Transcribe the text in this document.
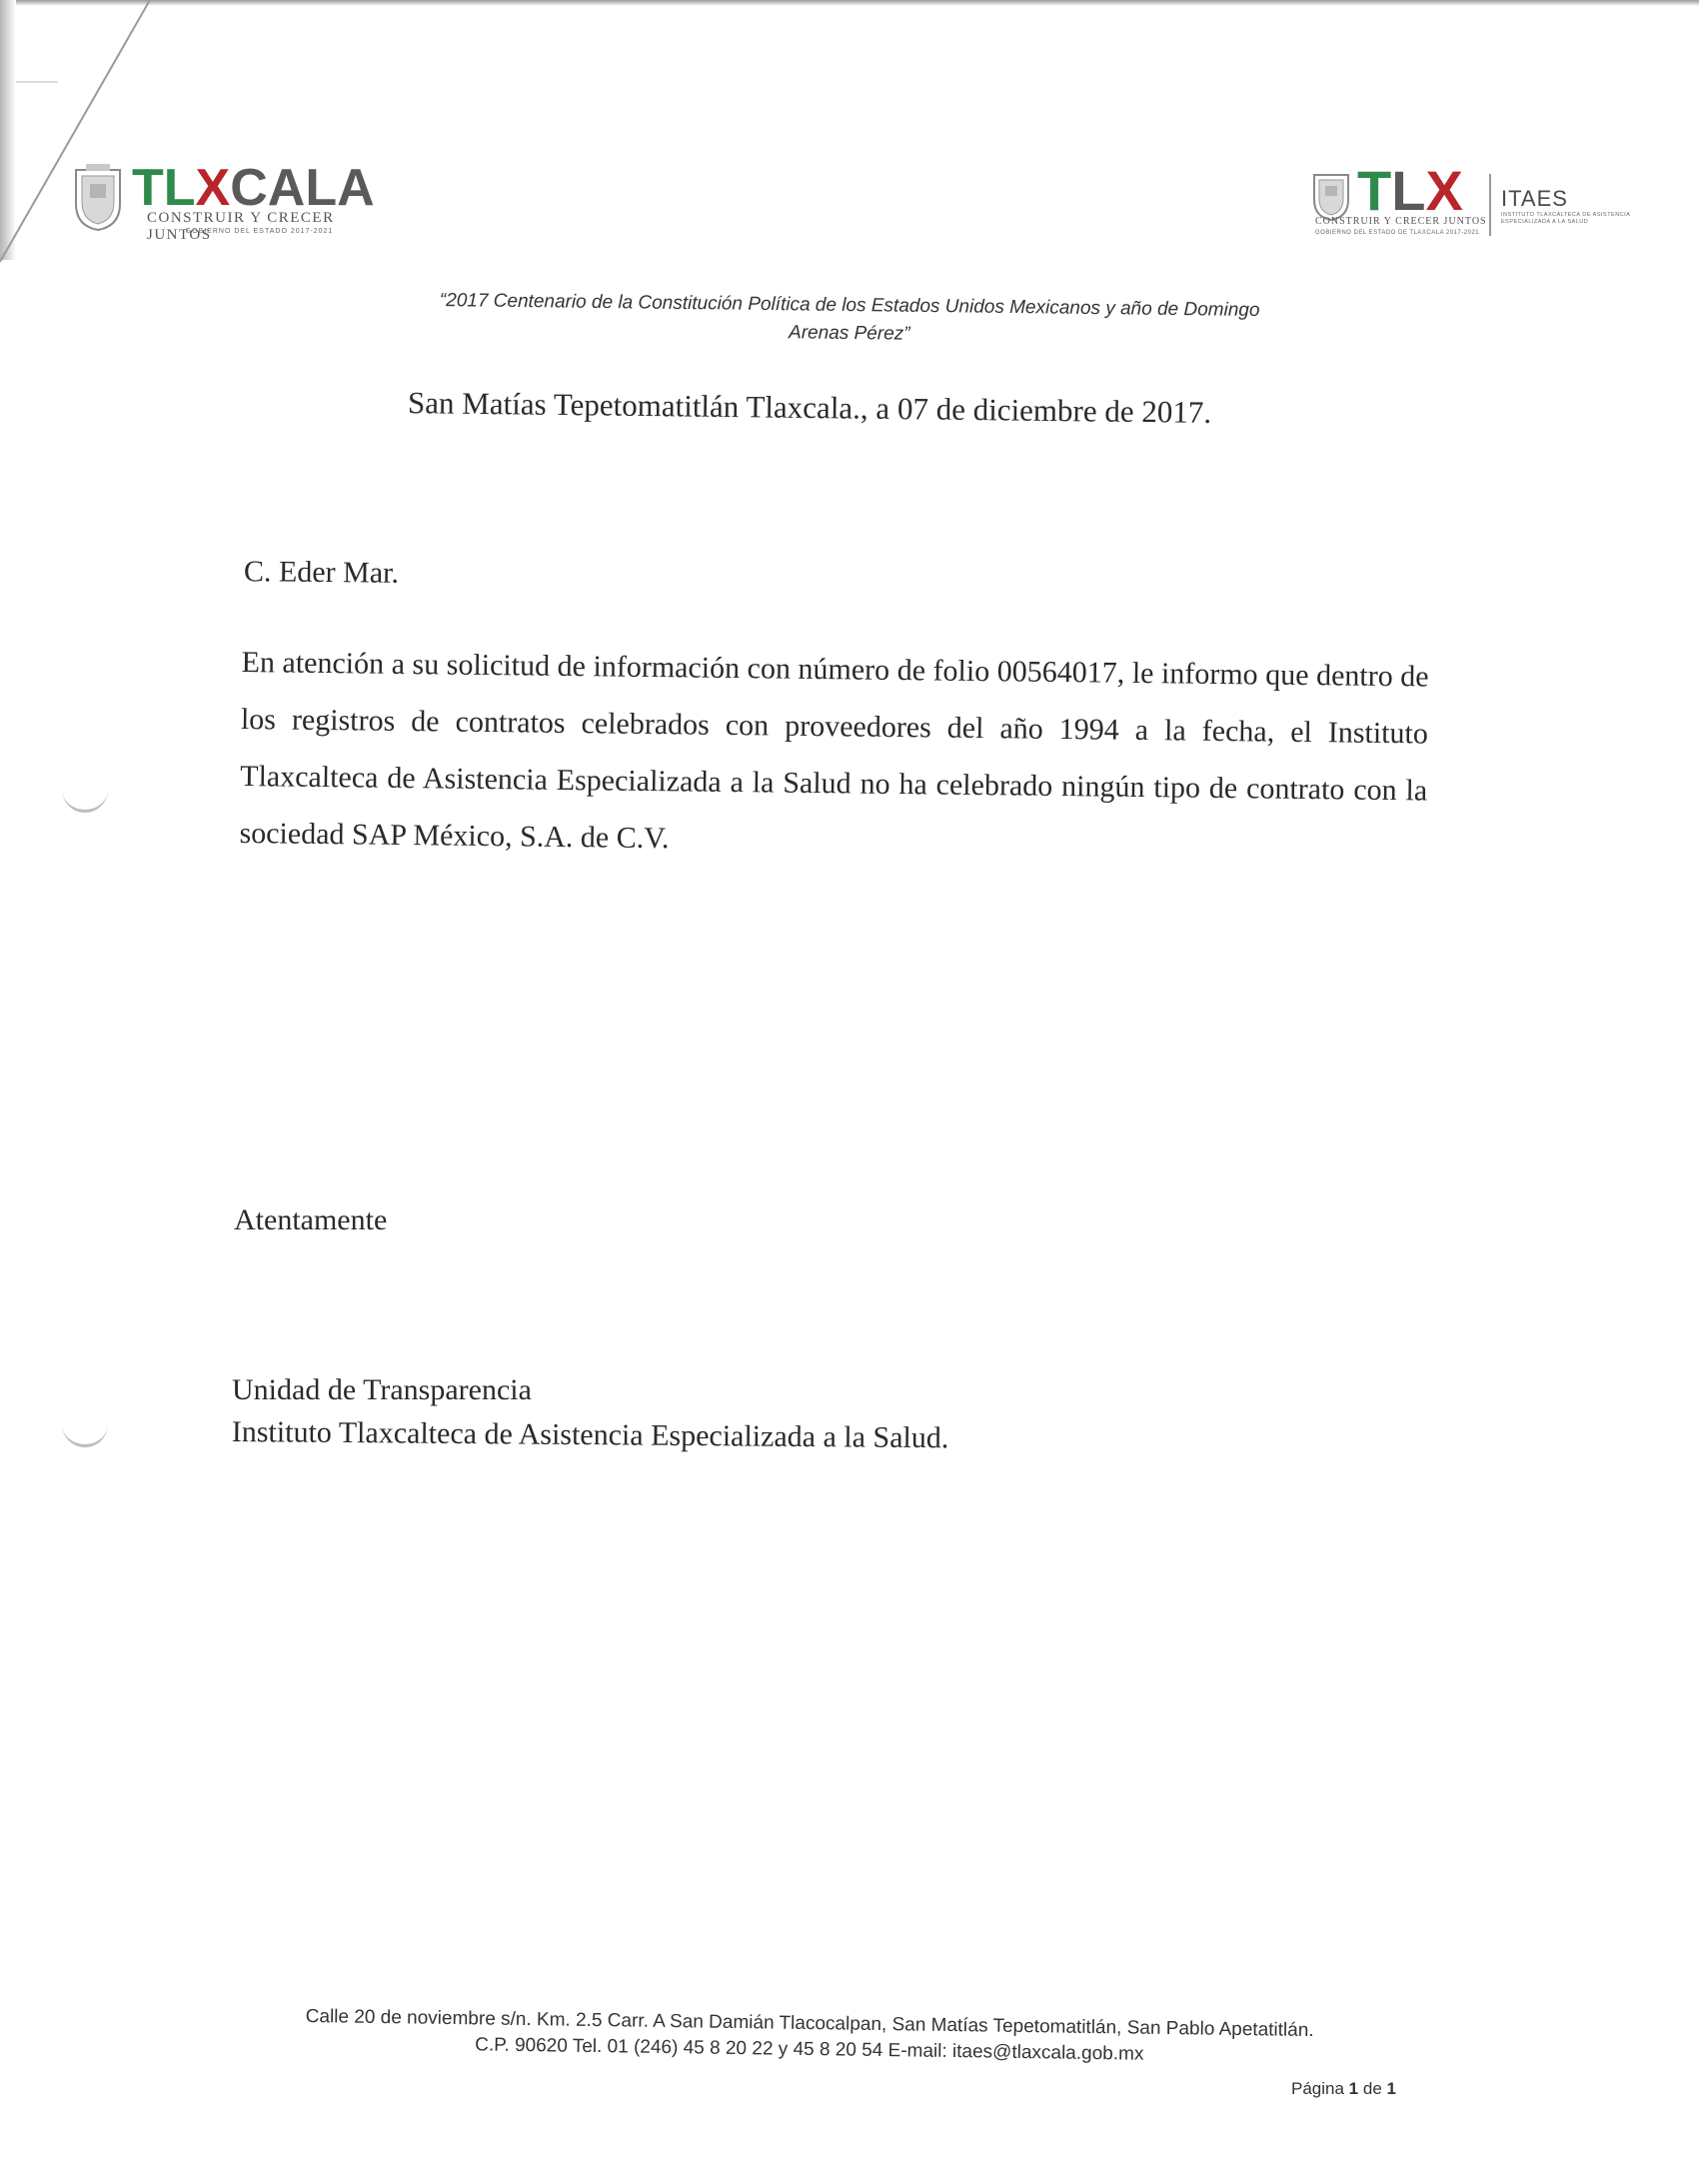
TLXCALA
CONSTRUIR Y CRECER JUNTOS
GOBIERNO DEL ESTADO 2017-2021
TLX
CONSTRUIR Y CRECER JUNTOS
GOBIERNO DEL ESTADO DE TLAXCALA 2017-2021
ITAES
INSTITUTO TLAXCALTECA DE ASISTENCIA ESPECIALIZADA A LA SALUD
“2017 Centenario de la Constitución Política de los Estados Unidos Mexicanos y año de Domingo Arenas Pérez”
San Matías Tepetomatitlán Tlaxcala., a 07 de diciembre de 2017.
C. Eder Mar.
En atención a su solicitud de información con número de folio 00564017, le informo que dentro de los registros de contratos celebrados con proveedores del año 1994 a la fecha, el Instituto Tlaxcalteca de Asistencia Especializada a la Salud no ha celebrado ningún tipo de contrato con la
sociedad SAP México, S.A. de C.V.
Atentamente
Unidad de Transparencia
Instituto Tlaxcalteca de Asistencia Especializada a la Salud.
Calle 20 de noviembre s/n. Km. 2.5 Carr. A San Damián Tlacocalpan, San Matías Tepetomatitlán, San Pablo Apetatitlán.
C.P. 90620 Tel. 01 (246) 45 8 20 22 y 45 8 20 54 E-mail: itaes@tlaxcala.gob.mx
Página 1 de 1
